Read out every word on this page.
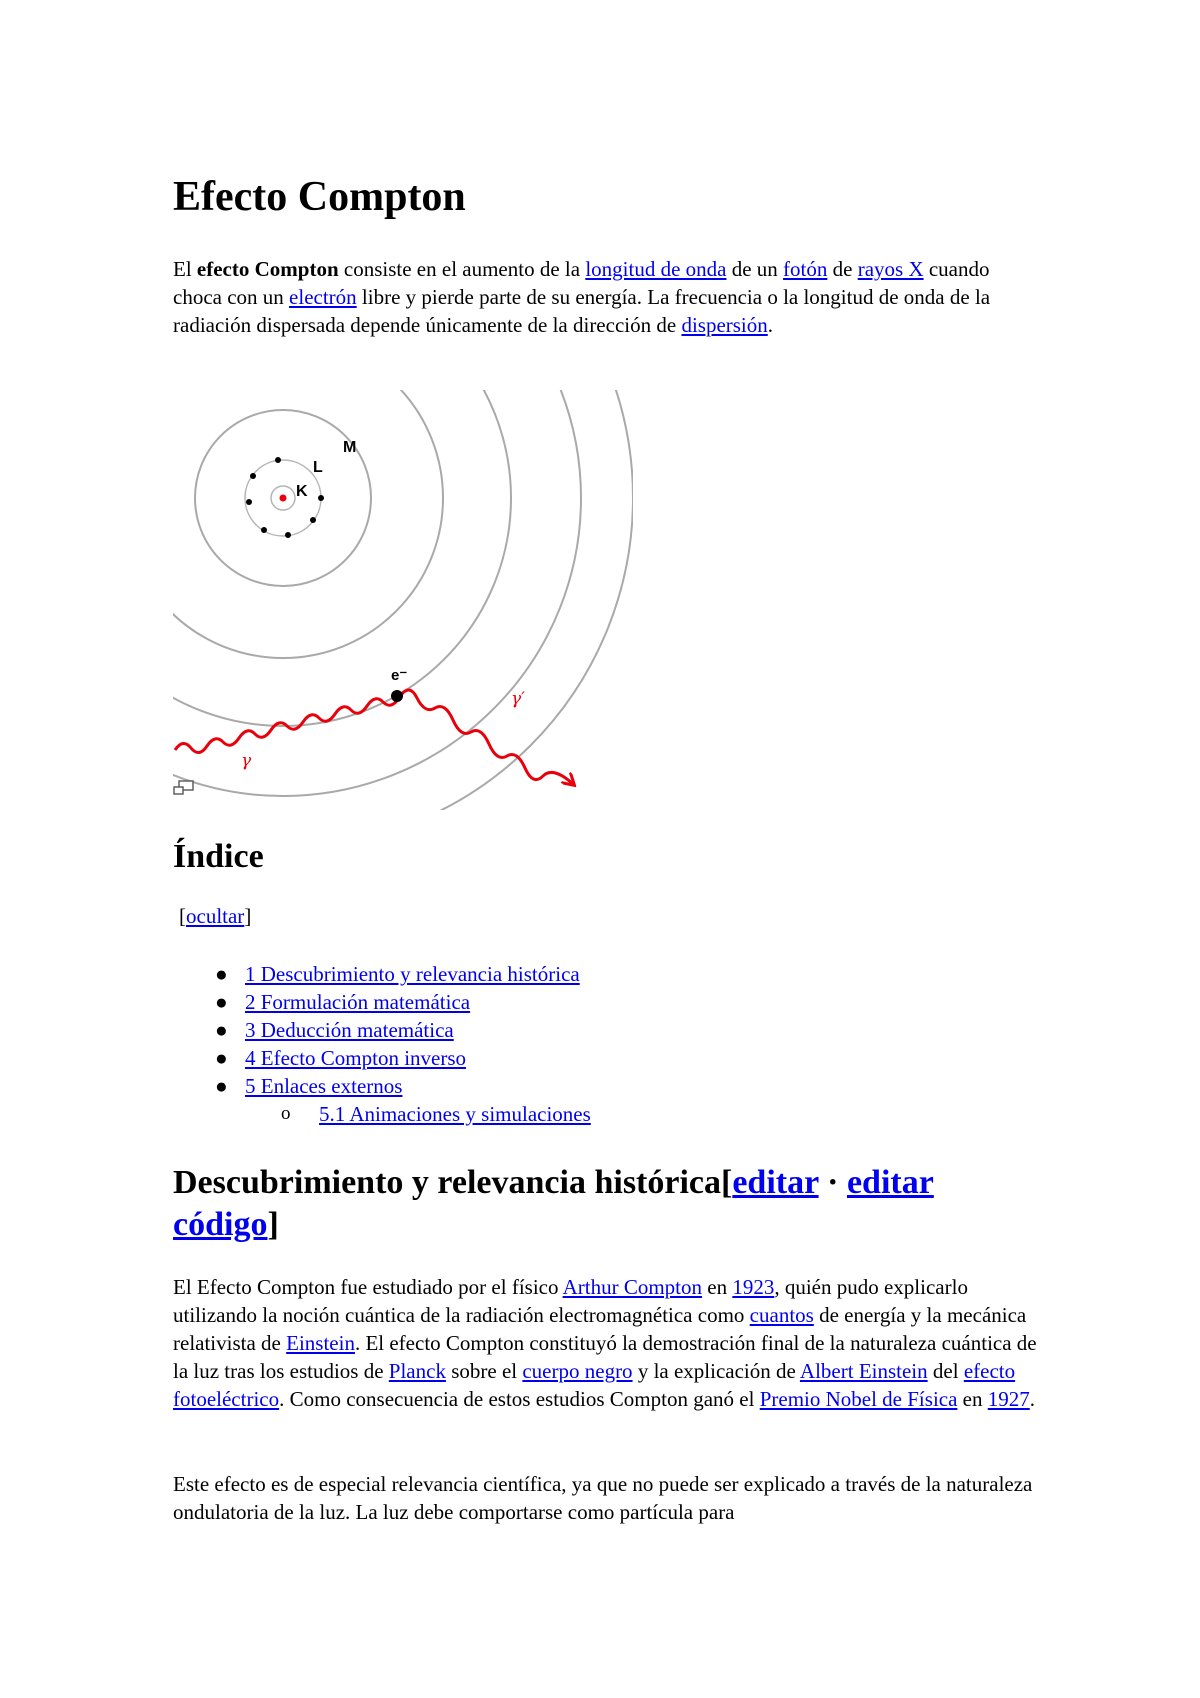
Efecto Compton

El efecto Compton consiste en el aumento de la longitud de onda de un fotón de rayos X cuando choca con un electrón libre y pierde parte de su energía. La frecuencia o la longitud de onda de la radiación dispersada depende únicamente de la dirección de dispersión.

M
L
K
e⁻
γ
γ′
Índice
[ocultar]
● 1 Descubrimiento y relevancia histórica
● 2 Formulación matemática
● 3 Deducción matemática
● 4 Efecto Compton inverso
● 5 Enlaces externos
o 5.1 Animaciones y simulaciones
Descubrimiento y relevancia histórica[editar · editar código]

El Efecto Compton fue estudiado por el físico Arthur Compton en 1923, quién pudo explicarlo utilizando la noción cuántica de la radiación electromagnética como cuantos de energía y la mecánica relativista de Einstein. El efecto Compton constituyó la demostración final de la naturaleza cuántica de la luz tras los estudios de Planck sobre el cuerpo negro y la explicación de Albert Einstein del efecto fotoeléctrico. Como consecuencia de estos estudios Compton ganó el Premio Nobel de Física en 1927.

Este efecto es de especial relevancia científica, ya que no puede ser explicado a través de la naturaleza ondulatoria de la luz. La luz debe comportarse como partícula para
